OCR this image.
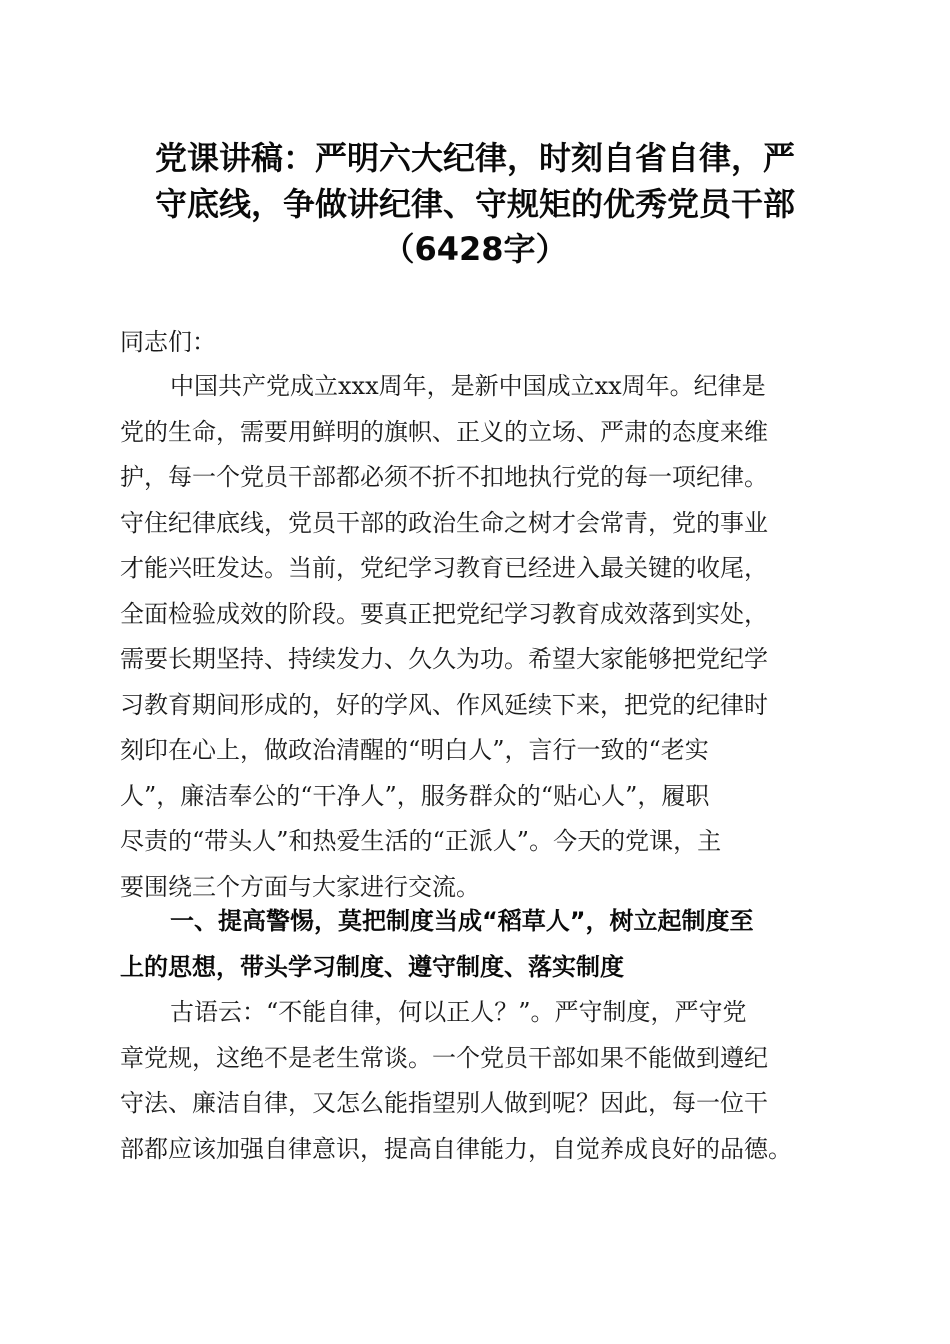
党课讲稿：严明六大纪律，时刻自省自律，严
守底线，争做讲纪律、守规矩的优秀党员干部
（6428字）
同志们：
中国共产党成立xxx周年，是新中国成立xx周年。纪律是
党的生命，需要用鲜明的旗帜、正义的立场、严肃的态度来维
护，每一个党员干部都必须不折不扣地执行党的每一项纪律。
守住纪律底线，党员干部的政治生命之树才会常青，党的事业
才能兴旺发达。当前，党纪学习教育已经进入最关键的收尾，
全面检验成效的阶段。要真正把党纪学习教育成效落到实处，
需要长期坚持、持续发力、久久为功。希望大家能够把党纪学
习教育期间形成的，好的学风、作风延续下来，把党的纪律时
刻印在心上，做政治清醒的“明白人”，言行一致的“老实
人”，廉洁奉公的“干净人”，服务群众的“贴心人”，履职
尽责的“带头人”和热爱生活的“正派人”。今天的党课，主
要围绕三个方面与大家进行交流。
一、提高警惕，莫把制度当成“稻草人”，树立起制度至
上的思想，带头学习制度、遵守制度、落实制度
古语云：“不能自律，何以正人？”。严守制度，严守党
章党规，这绝不是老生常谈。一个党员干部如果不能做到遵纪
守法、廉洁自律，又怎么能指望别人做到呢？因此，每一位干
部都应该加强自律意识，提高自律能力，自觉养成良好的品德。
